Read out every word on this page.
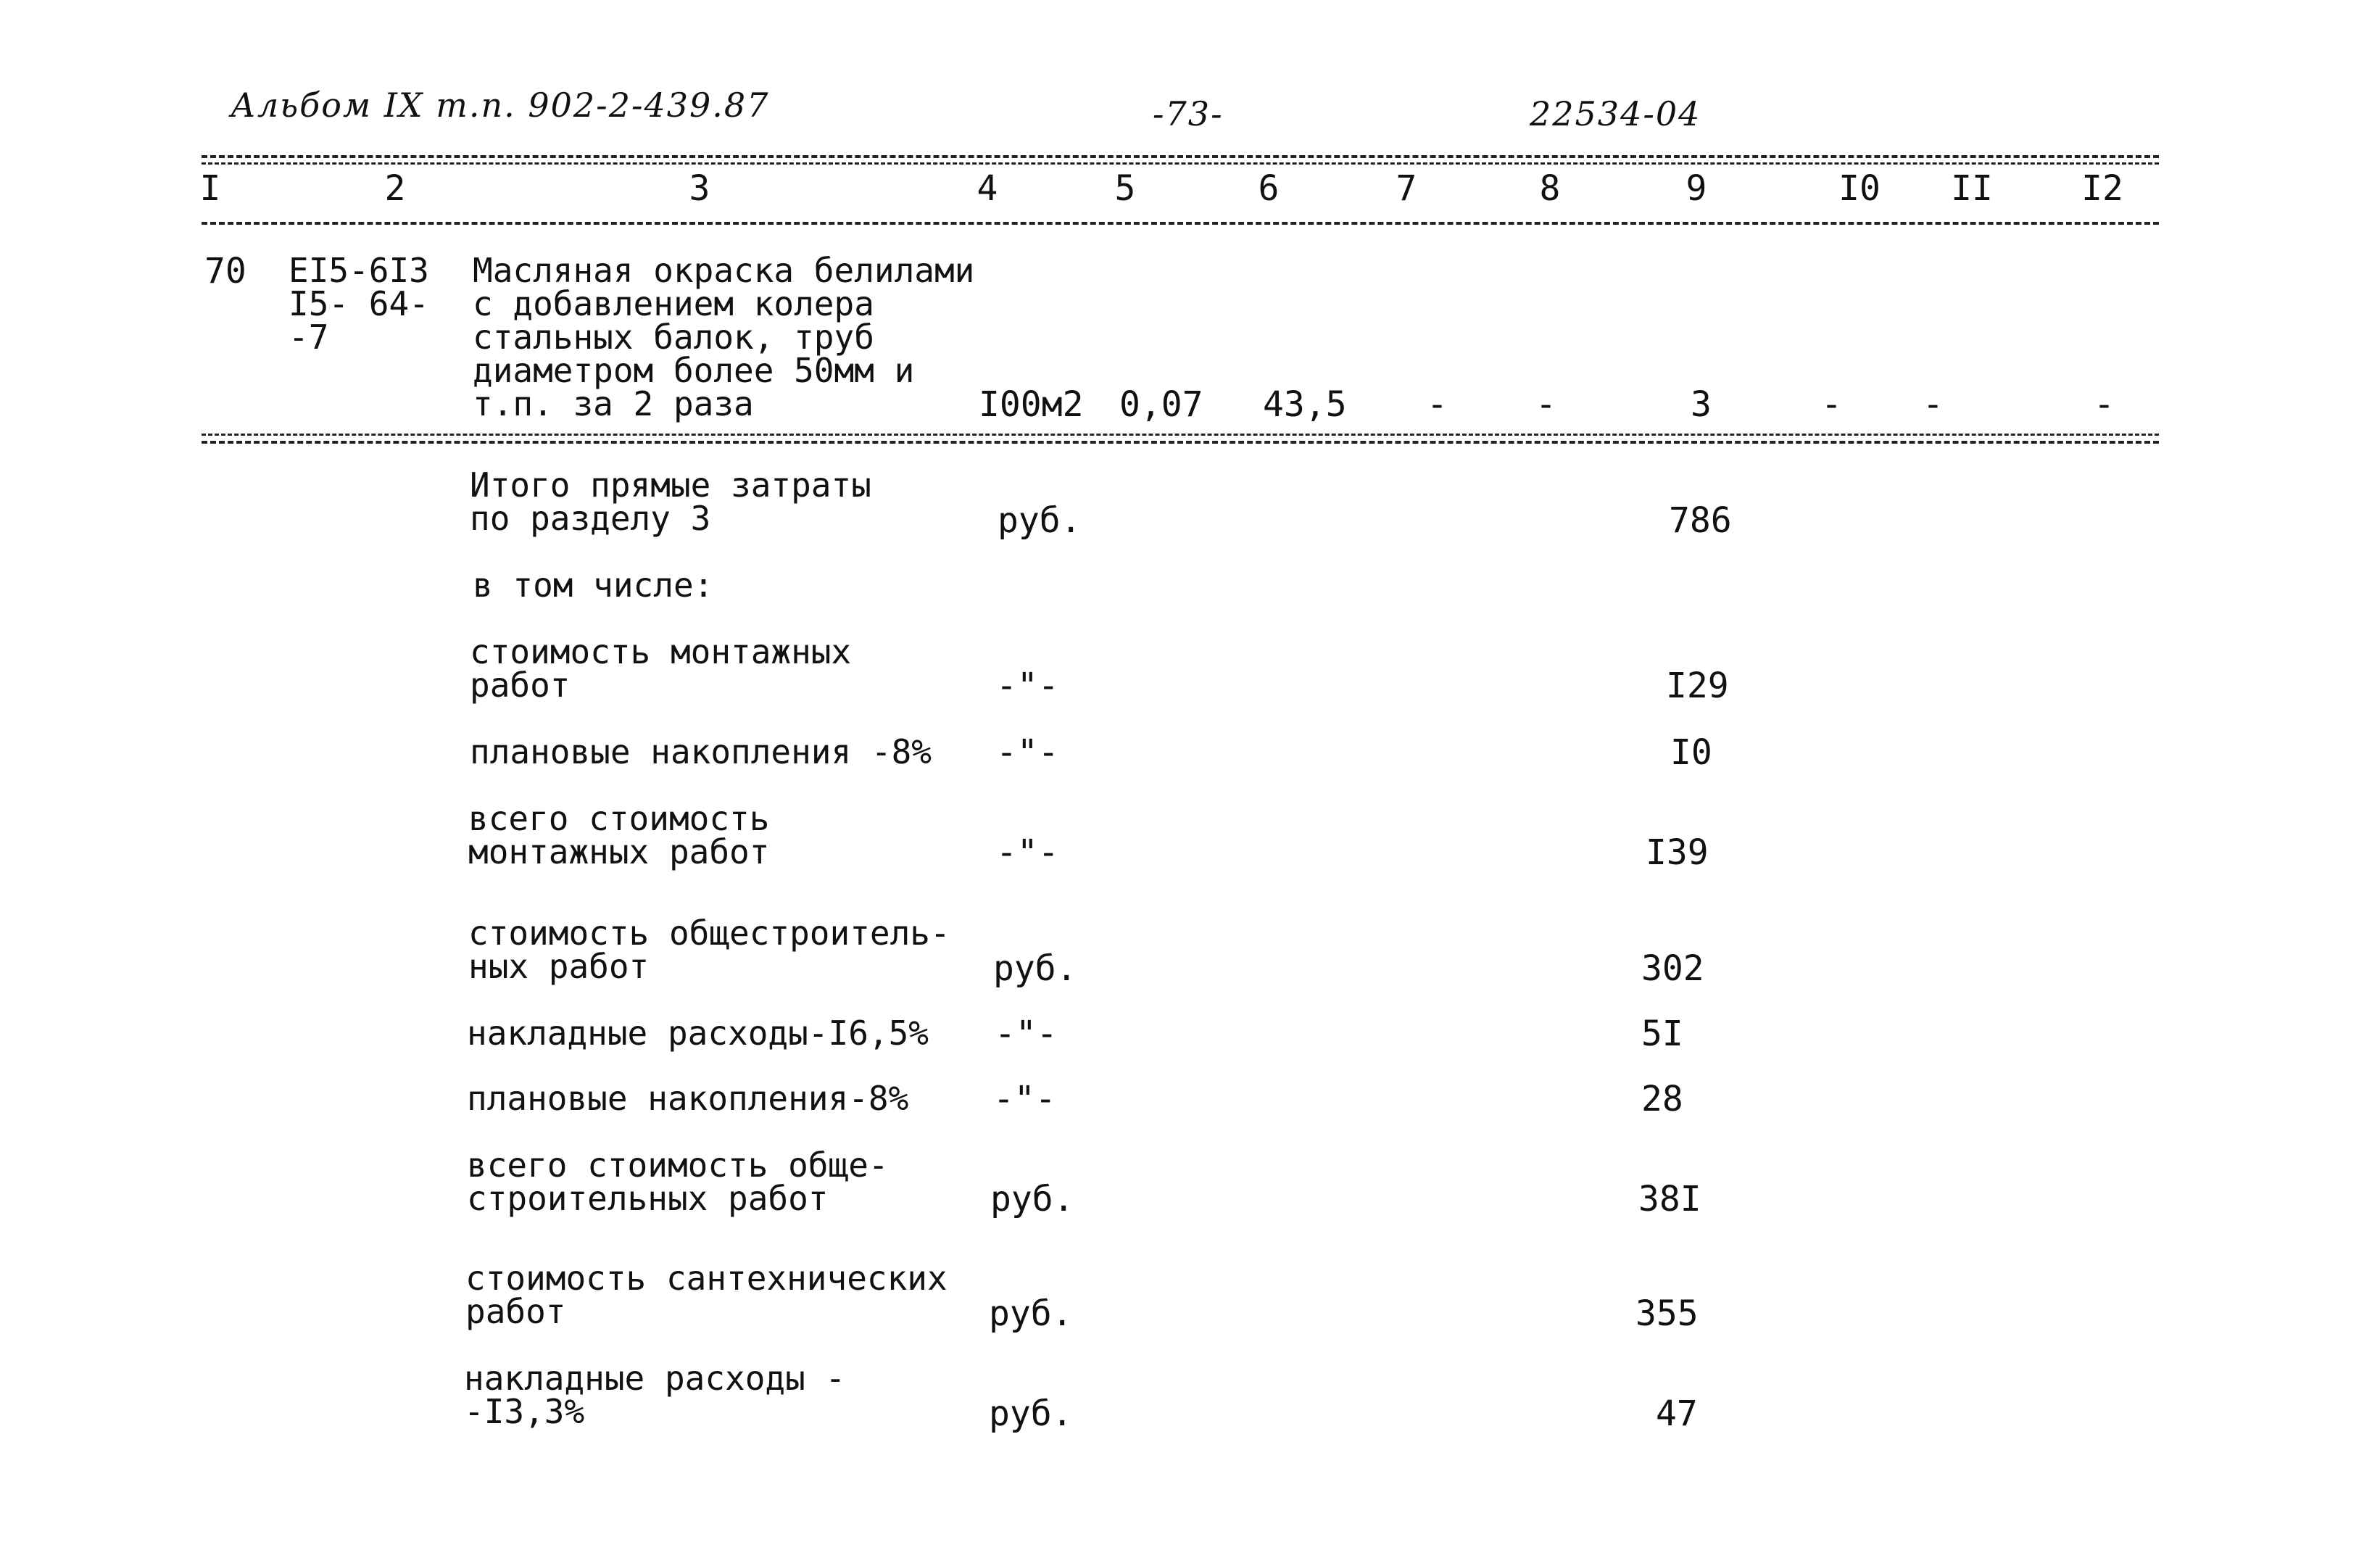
Альбом IX т.п. 902-2-439.87	-73-	22534-04
I	2	3	4	5	6	7	8	9	I0	II	I2
70 EI5-6I3
I5- 64-
-7
Масляная окраска белилами
с добавлением колера
стальных балок, труб
диаметром более 50мм и
т.п. за 2 раза	I00м2 0,07 43,5 -	-	3	- -	-
Итого прямые затраты
по разделу 3	руб.	786
в том числе:
стоимость монтажных
работ	-"-	I29
плановые накопления -8% -"-	I0
всего стоимость
монтажных работ	-"-	I39
стоимость общестроитель-
ных работ	руб.	302
накладные расходы-I6,5% -"-	5I
плановые накопления-8% -"-	28
всего стоимость обще-
строительных работ	руб.	38I
стоимость сантехнических
работ	руб.	355
накладные расходы -
-I3,3%	руб.	47
